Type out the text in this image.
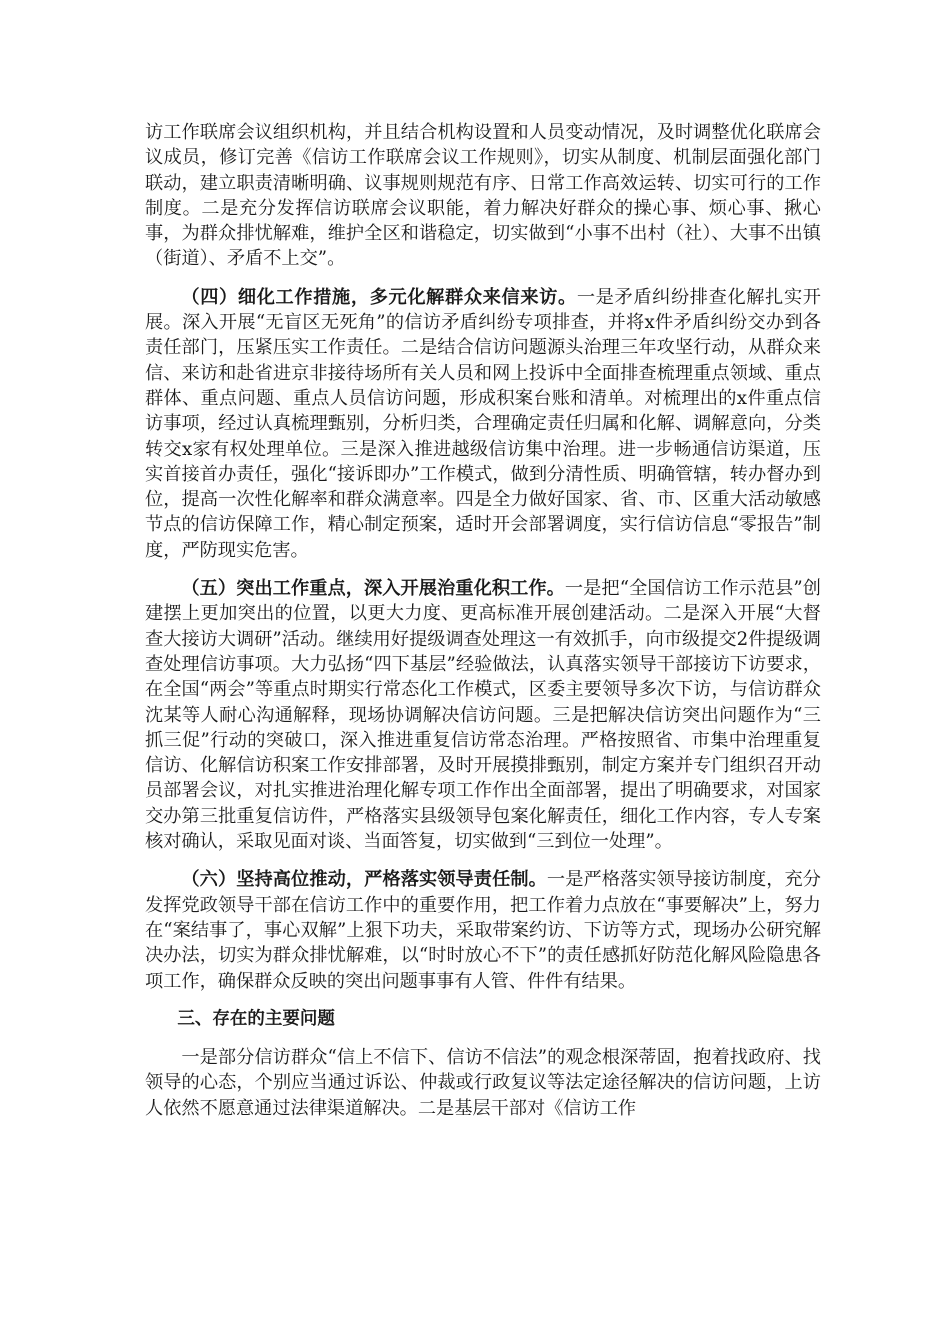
访工作联席会议组织机构，并且结合机构设置和人员变动情况，及时调整优化联席会议成员，修订完善《信访工作联席会议工作规则》，切实从制度、机制层面强化部门联动，建立职责清晰明确、议事规则规范有序、日常工作高效运转、切实可行的工作制度。二是充分发挥信访联席会议职能，着力解决好群众的操心事、烦心事、揪心事，为群众排忧解难，维护全区和谐稳定，切实做到“小事不出村（社）、大事不出镇（街道）、矛盾不上交”。

（四）细化工作措施，多元化解群众来信来访。一是矛盾纠纷排查化解扎实开展。深入开展“无盲区无死角”的信访矛盾纠纷专项排查，并将x件矛盾纠纷交办到各责任部门，压紧压实工作责任。二是结合信访问题源头治理三年攻坚行动，从群众来信、来访和赴省进京非接待场所有关人员和网上投诉中全面排查梳理重点领域、重点群体、重点问题、重点人员信访问题，形成积案台账和清单。对梳理出的x件重点信访事项，经过认真梳理甄别，分析归类，合理确定责任归属和化解、调解意向，分类转交x家有权处理单位。三是深入推进越级信访集中治理。进一步畅通信访渠道，压实首接首办责任，强化“接诉即办”工作模式，做到分清性质、明确管辖，转办督办到位，提高一次性化解率和群众满意率。四是全力做好国家、省、市、区重大活动敏感节点的信访保障工作，精心制定预案，适时开会部署调度，实行信访信息“零报告”制度，严防现实危害。

（五）突出工作重点，深入开展治重化积工作。一是把“全国信访工作示范县”创建摆上更加突出的位置，以更大力度、更高标准开展创建活动。二是深入开展“大督查大接访大调研”活动。继续用好提级调查处理这一有效抓手，向市级提交2件提级调查处理信访事项。大力弘扬“四下基层”经验做法，认真落实领导干部接访下访要求，在全国“两会”等重点时期实行常态化工作模式，区委主要领导多次下访，与信访群众沈某等人耐心沟通解释，现场协调解决信访问题。三是把解决信访突出问题作为“三抓三促”行动的突破口，深入推进重复信访常态治理。严格按照省、市集中治理重复信访、化解信访积案工作安排部署，及时开展摸排甄别，制定方案并专门组织召开动员部署会议，对扎实推进治理化解专项工作作出全面部署，提出了明确要求，对国家交办第三批重复信访件，严格落实县级领导包案化解责任，细化工作内容，专人专案核对确认，采取见面对谈、当面答复，切实做到“三到位一处理”。

（六）坚持高位推动，严格落实领导责任制。一是严格落实领导接访制度，充分发挥党政领导干部在信访工作中的重要作用，把工作着力点放在“事要解决”上，努力在“案结事了，事心双解”上狠下功夫，采取带案约访、下访等方式，现场办公研究解决办法，切实为群众排忧解难，以“时时放心不下”的责任感抓好防范化解风险隐患各项工作，确保群众反映的突出问题事事有人管、件件有结果。

三、存在的主要问题

一是部分信访群众“信上不信下、信访不信法”的观念根深蒂固，抱着找政府、找领导的心态，个别应当通过诉讼、仲裁或行政复议等法定途径解决的信访问题，上访人依然不愿意通过法律渠道解决。二是基层干部对《信访工作
